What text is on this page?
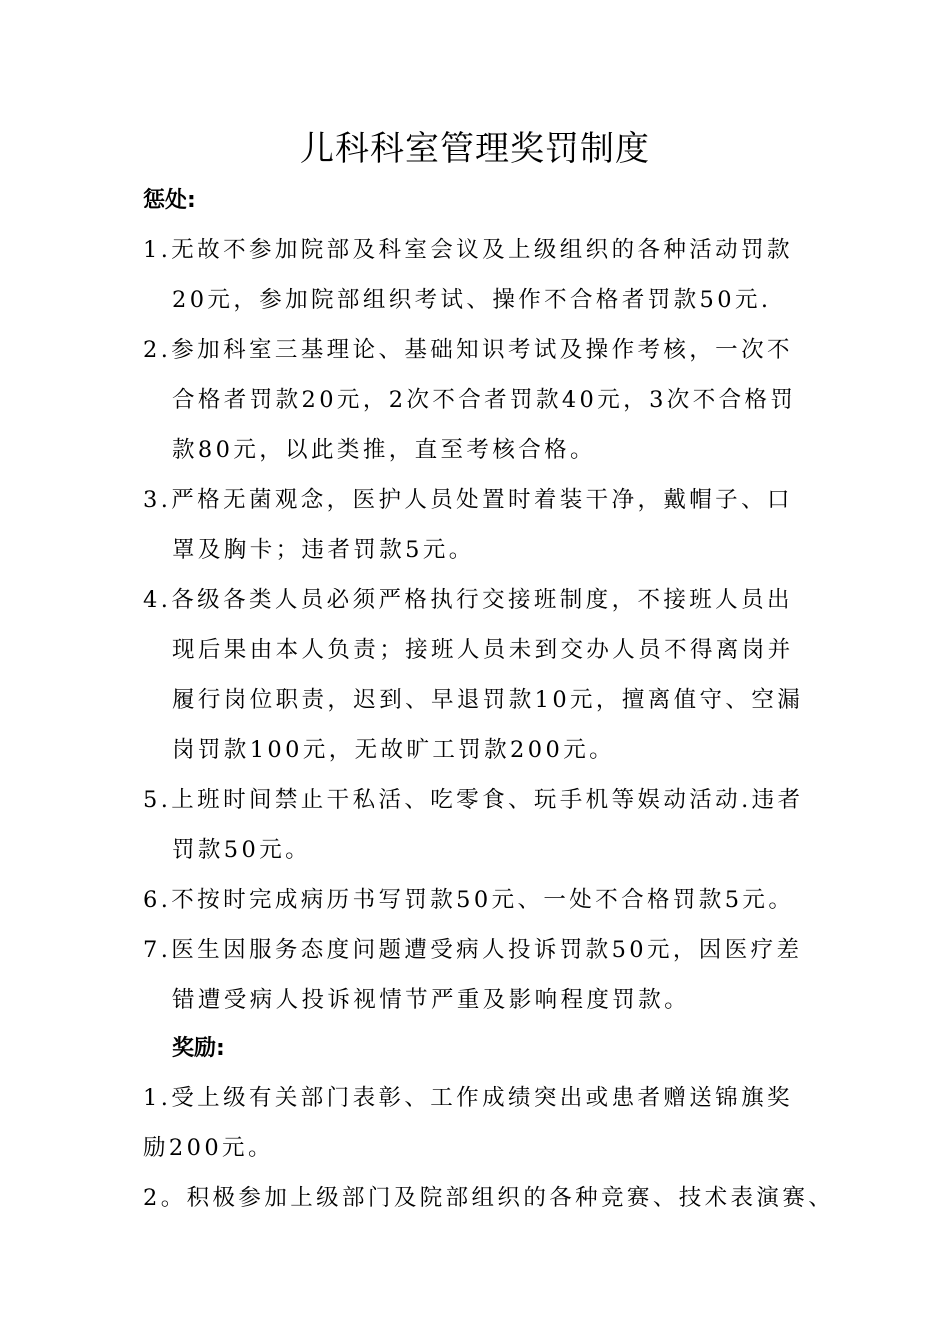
儿科科室管理奖罚制度
惩处:
1.无故不参加院部及科室会议及上级组织的各种活动罚款
20元，参加院部组织考试、操作不合格者罚款50元.
2.参加科室三基理论、基础知识考试及操作考核，一次不
合格者罚款20元，2次不合者罚款40元，3次不合格罚
款80元，以此类推，直至考核合格。
3.严格无菌观念，医护人员处置时着装干净，戴帽子、口
罩及胸卡；违者罚款5元。
4.各级各类人员必须严格执行交接班制度，不接班人员出
现后果由本人负责；接班人员未到交办人员不得离岗并
履行岗位职责，迟到、早退罚款10元，擅离值守、空漏
岗罚款100元，无故旷工罚款200元。
5.上班时间禁止干私活、吃零食、玩手机等娱动活动.违者
罚款50元。
6.不按时完成病历书写罚款50元、一处不合格罚款5元。
7.医生因服务态度问题遭受病人投诉罚款50元，因医疗差
错遭受病人投诉视情节严重及影响程度罚款。
奖励:
1.受上级有关部门表彰、工作成绩突出或患者赠送锦旗奖
励200元。
2。积极参加上级部门及院部组织的各种竞赛、技术表演赛、
